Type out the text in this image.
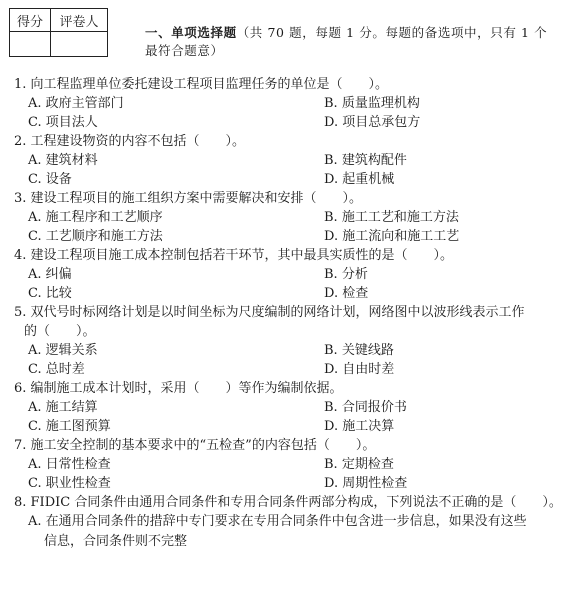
得分	评卷人

一、单项选择题（共 70 题，每题 1 分。每题的备选项中，只有 1 个
最符合题意）
1. 向工程监理单位委托建设工程项目监理任务的单位是（　　）。
A. 政府主管部门	B. 质量监理机构
C. 项目法人	D. 项目总承包方
2. 工程建设物资的内容不包括（　　）。
A. 建筑材料	B. 建筑构配件
C. 设备	D. 起重机械
3. 建设工程项目的施工组织方案中需要解决和安排（　　）。
A. 施工程序和工艺顺序	B. 施工工艺和施工方法
C. 工艺顺序和施工方法	D. 施工流向和施工工艺
4. 建设工程项目施工成本控制包括若干环节，其中最具实质性的是（　　）。
A. 纠偏	B. 分析
C. 比较	D. 检查
5. 双代号时标网络计划是以时间坐标为尺度编制的网络计划，网络图中以波形线表示工作
的（　　）。
A. 逻辑关系	B. 关键线路
C. 总时差	D. 自由时差
6. 编制施工成本计划时，采用（　　）等作为编制依据。
A. 施工结算	B. 合同报价书
C. 施工图预算	D. 施工决算
7. 施工安全控制的基本要求中的“五检查”的内容包括（　　）。
A. 日常性检查	B. 定期检查
C. 职业性检查	D. 周期性检查
8. FIDIC 合同条件由通用合同条件和专用合同条件两部分构成，下列说法不正确的是（　　）。
A. 在通用合同条件的措辞中专门要求在专用合同条件中包含进一步信息，如果没有这些
信息，合同条件则不完整
